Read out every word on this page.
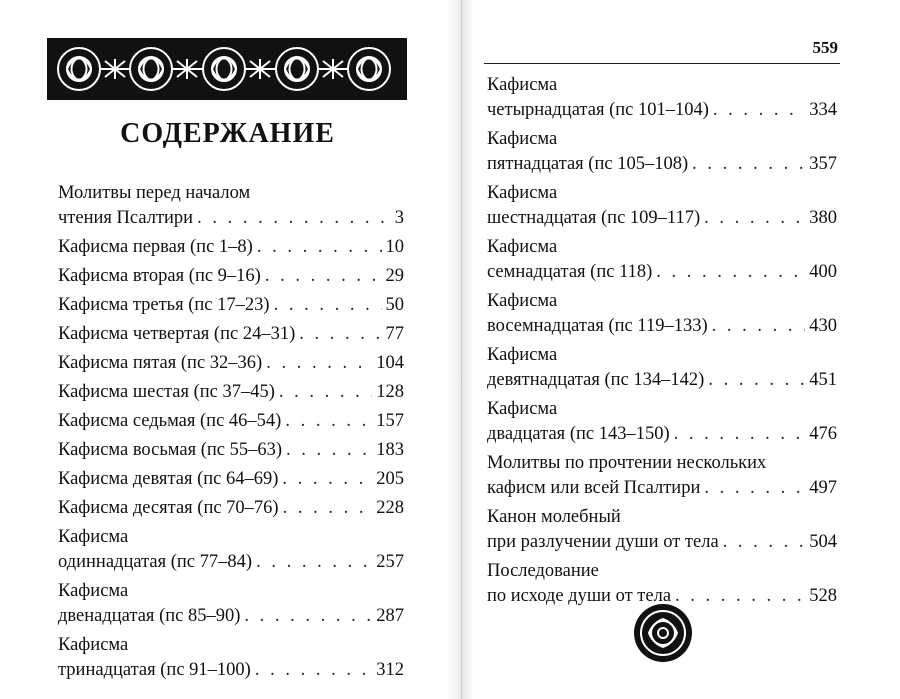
СОДЕРЖАНИЕ
Молитвы перед началом
чтения Псалтири . . .	3
Кафисма первая (пс 1–8) . . .	10
Кафисма вторая (пс 9–16) . . .	29
Кафисма третья (пс 17–23) . . .	50
Кафисма четвертая (пс 24–31) . . .	77
Кафисма пятая (пс 32–36) . . .	104
Кафисма шестая (пс 37–45) . . .	128
Кафисма седьмая (пс 46–54) . . .	157
Кафисма восьмая (пс 55–63) . . .	183
Кафисма девятая (пс 64–69) . . .	205
Кафисма десятая (пс 70–76) . . .	228
Кафисма
одиннадцатая (пс 77–84) . . .	257
Кафисма
двенадцатая (пс 85–90) . . .	287
Кафисма
тринадцатая (пс 91–100) . . .	312
559
Кафисма
четырнадцатая (пс 101–104) . . .	334
Кафисма
пятнадцатая (пс 105–108) . . .	357
Кафисма
шестнадцатая (пс 109–117) . . .	380
Кафисма
семнадцатая (пс 118) . . .	400
Кафисма
восемнадцатая (пс 119–133) . . .	430
Кафисма
девятнадцатая (пс 134–142) . . .	451
Кафисма
двадцатая (пс 143–150) . . .	476
Молитвы по прочтении нескольких
кафисм или всей Псалтири . . .	497
Канон молебный
при разлучении души от тела . . .	504
Последование
по исходе души от тела . . .	528
